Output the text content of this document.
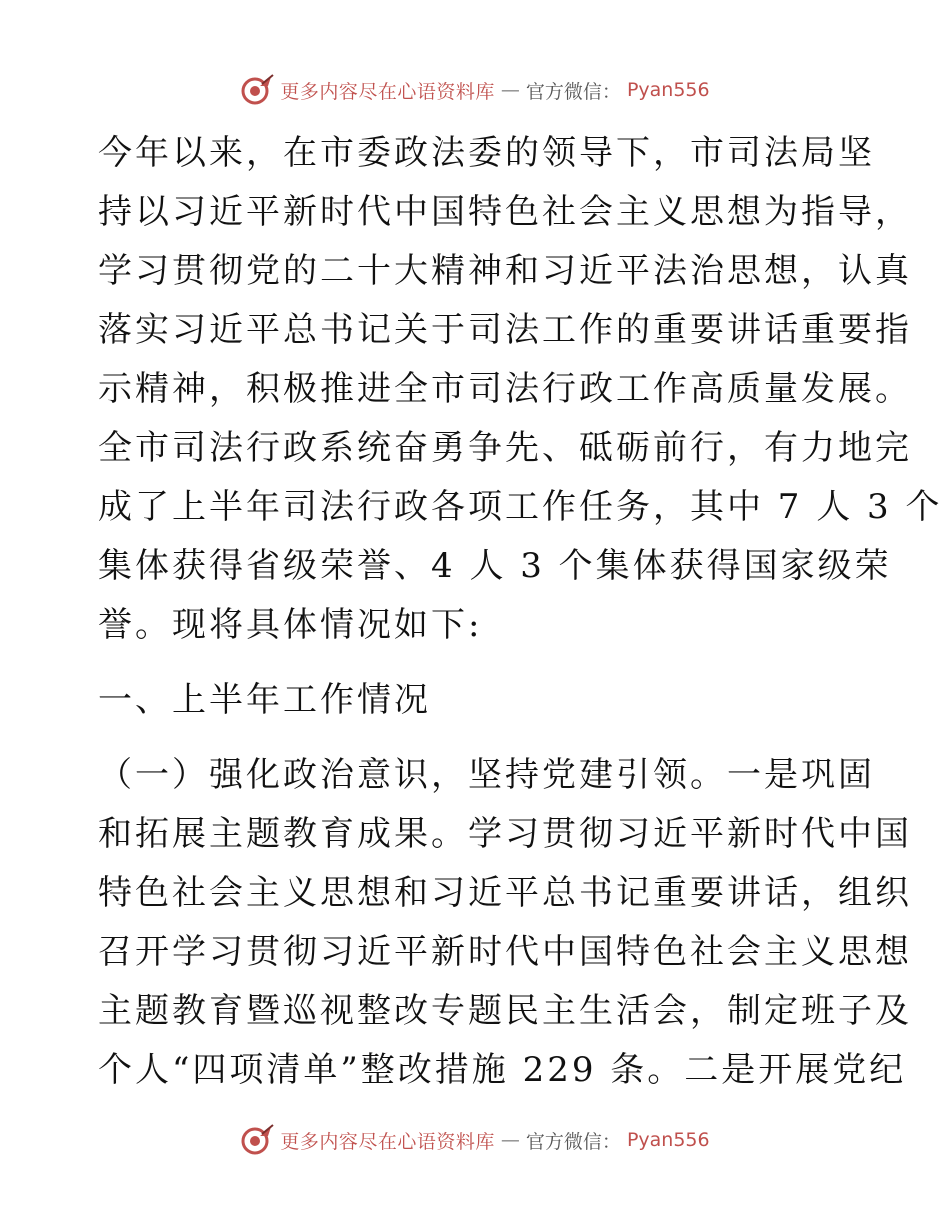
更多内容尽在心语资料库 — 官方微信： Pyan556
今年以来，在市委政法委的领导下，市司法局坚
持以习近平新时代中国特色社会主义思想为指导，
学习贯彻党的二十大精神和习近平法治思想，认真
落实习近平总书记关于司法工作的重要讲话重要指
示精神，积极推进全市司法行政工作高质量发展。
全市司法行政系统奋勇争先、砥砺前行，有力地完
成了上半年司法行政各项工作任务，其中 7 人 3 个
集体获得省级荣誉、4 人 3 个集体获得国家级荣
誉。现将具体情况如下:
一、上半年工作情况
（一）强化政治意识，坚持党建引领。一是巩固
和拓展主题教育成果。学习贯彻习近平新时代中国
特色社会主义思想和习近平总书记重要讲话，组织
召开学习贯彻习近平新时代中国特色社会主义思想
主题教育暨巡视整改专题民主生活会，制定班子及
个人“四项清单”整改措施 229 条。二是开展党纪
更多内容尽在心语资料库 — 官方微信： Pyan556
